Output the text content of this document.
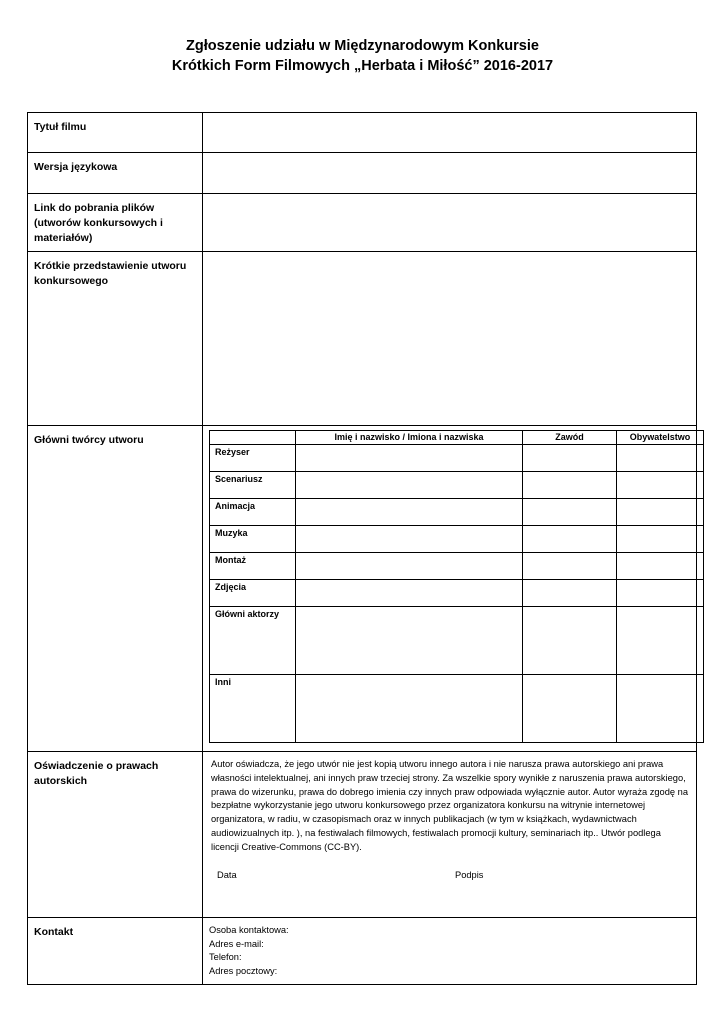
Zgłoszenie udziału w Międzynarodowym Konkursie
Krótkich Form Filmowych „Herbata i Miłość” 2016-2017
Tytuł filmu	
Wersja językowa	
Link do pobrania plików (utworów konkursowych i materiałów)	
Krótkie przedstawienie utworu konkursowego	
Główni twórcy utworu	
		Imię i nazwisko / Imiona i nazwiska	Zawód	Obywatelstwo
Reżyser			
Scenariusz			
Animacja			
Muzyka			
Montaż			
Zdjęcia			
Główni aktorzy			
Inni			

Oświadczenie o prawach autorskich	
Autor oświadcza, że jego utwór nie jest kopią utworu innego autora i nie narusza prawa autorskiego ani prawa własności intelektualnej, ani innych praw trzeciej strony. Za wszelkie spory wynikłe z naruszenia prawa autorskiego, prawa do wizerunku, prawa do dobrego imienia czy innych praw odpowiada wyłącznie autor. Autor wyraża zgodę na bezpłatne wykorzystanie jego utworu konkursowego przez organizatora konkursu na witrynie internetowej organizatora, w radiu, w czasopismach oraz w innych publikacjach (w tym w książkach, wydawnictwach audiowizualnych itp. ), na festiwalach filmowych, festiwalach promocji kultury, seminariach itp.. Utwór podlega licencji Creative-Commons (CC-BY).
Data	Podpis

Kontakt	Osoba kontaktowa:
Adres e-mail:
Telefon:
Adres pocztowy:
